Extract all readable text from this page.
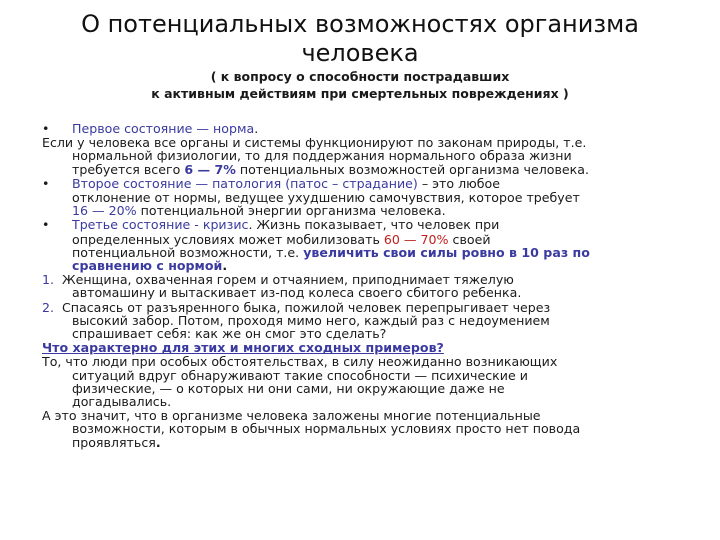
О потенциальных возможностях организма
человека
( к вопросу о способности пострадавших
к активным действиям при смертельных повреждениях )
• Первое состояние — норма.
Если у человека все органы и системы функционируют по законам природы, т.е.
нормальной физиологии, то для поддержания нормального образа жизни
требуется всего 6 — 7% потенциальных возможностей организма человека.
• Второе состояние — патология (патос – страдание) – это любое
отклонение от нормы, ведущее ухудшению самочувствия, которое требует
16 — 20% потенциальной энергии организма человека.
• Третье состояние - кризис. Жизнь показывает, что человек при
определенных условиях может мобилизовать 60 — 70% своей
потенциальной возможности, т.е. увеличить свои силы ровно в 10 раз по
сравнению с нормой.
1. Женщина, охваченная горем и отчаянием, приподнимает тяжелую
автомашину и вытаскивает из-под колеса своего сбитого ребенка.
2. Спасаясь от разъяренного быка, пожилой человек перепрыгивает через
высокий забор. Потом, проходя мимо него, каждый раз с недоумением
спрашивает себя: как же он смог это сделать?
Что характерно для этих и многих сходных примеров?
То, что люди при особых обстоятельствах, в силу неожиданно возникающих
ситуаций вдруг обнаруживают такие способности — психические и
физические, — о которых ни они сами, ни окружающие даже не
догадывались.
А это значит, что в организме человека заложены многие потенциальные
возможности, которым в обычных нормальных условиях просто нет повода
проявляться.
